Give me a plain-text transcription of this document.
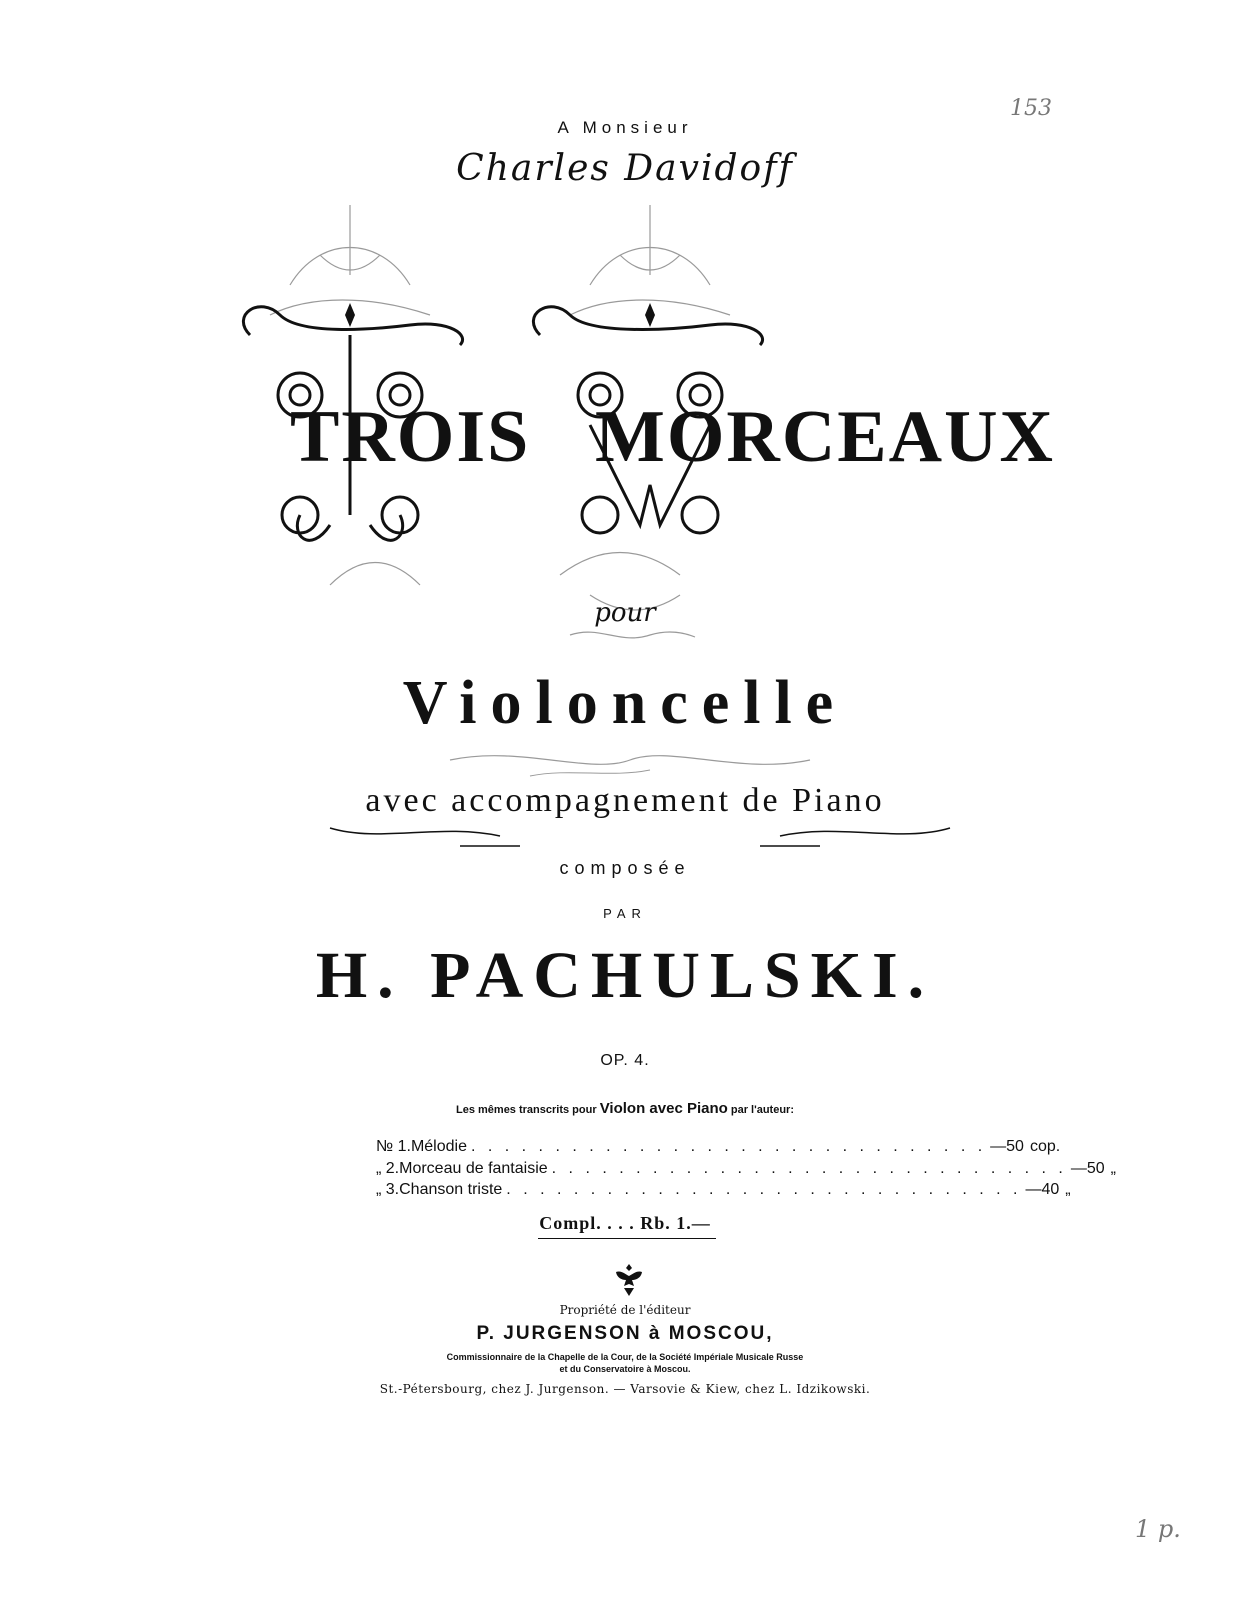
153
1 p.
A Monsieur
Charles Davidoff
TROIS MORCEAUX
pour
Violoncelle
avec accompagnement de Piano
composée
PAR
H. PACHULSKI.
OP. 4.
Les mêmes transcrits pour Violon avec Piano par l'auteur:
№ 1. Mélodie . . . . . . . . . . . . . . . . . . . . . . . . . . . . . . . — 50 cop.
„ 2. Morceau de fantaisie . . . . . . . . . . . . . . . . . . . . . . . . . . . . . . . — 50 „
„ 3. Chanson triste . . . . . . . . . . . . . . . . . . . . . . . . . . . . . . . — 40 „
Compl. . . . Rb. 1.—
Propriété de l'éditeur
P. JURGENSON à MOSCOU,
Commissionnaire de la Chapelle de la Cour, de la Société Impériale Musicale Russe
et du Conservatoire à Moscou.
St.-Pétersbourg, chez J. Jurgenson. — Varsovie & Kiew, chez L. Idzikowski.
